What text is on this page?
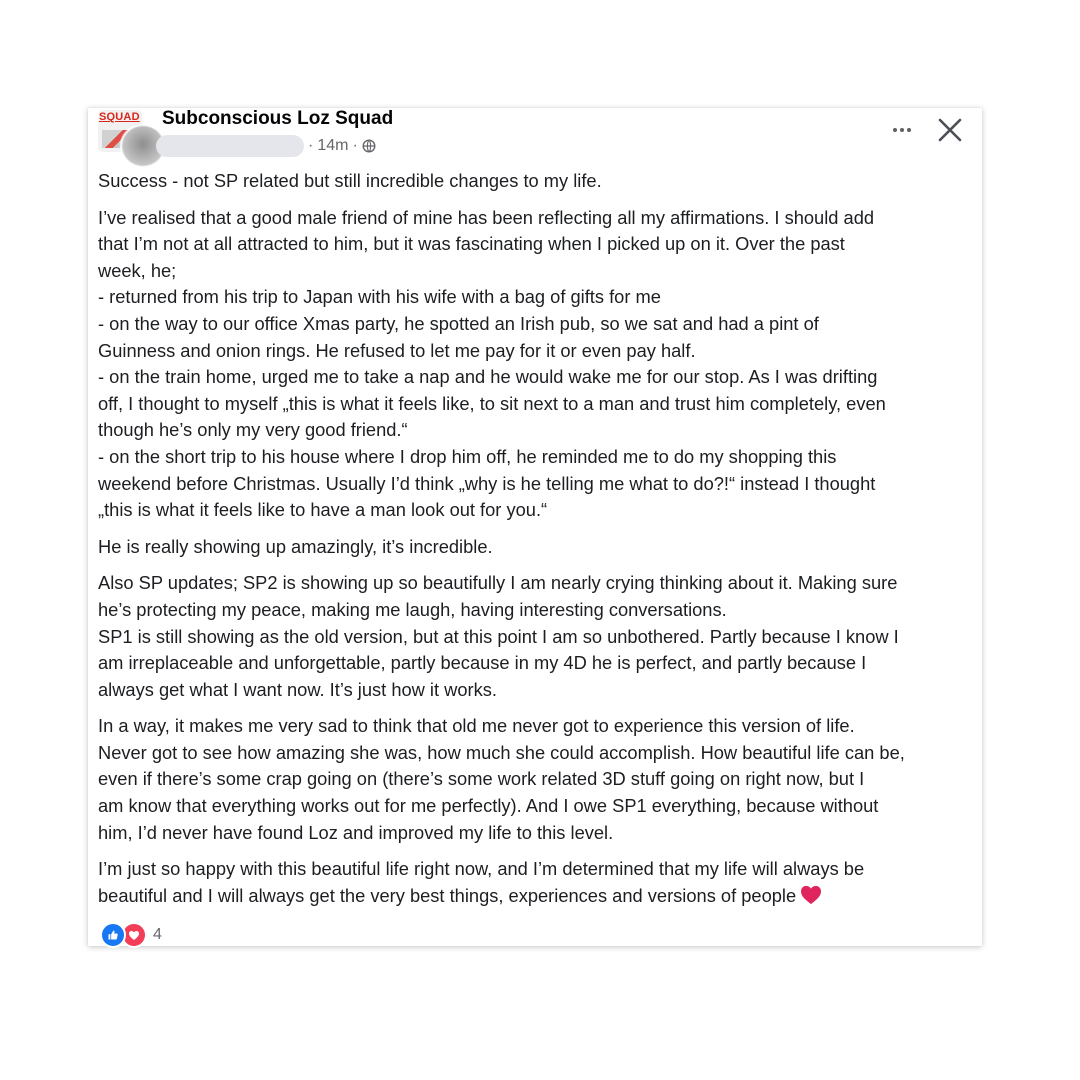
SQUAD Subconscious Loz Squad
· 14m ·

Success - not SP related but still incredible changes to my life.

I’ve realised that a good male friend of mine has been reflecting all my affirmations. I should add
that I’m not at all attracted to him, but it was fascinating when I picked up on it. Over the past
week, he;
- returned from his trip to Japan with his wife with a bag of gifts for me
- on the way to our office Xmas party, he spotted an Irish pub, so we sat and had a pint of
Guinness and onion rings. He refused to let me pay for it or even pay half.
- on the train home, urged me to take a nap and he would wake me for our stop. As I was drifting
off, I thought to myself „this is what it feels like, to sit next to a man and trust him completely, even
though he’s only my very good friend.“
- on the short trip to his house where I drop him off, he reminded me to do my shopping this
weekend before Christmas. Usually I’d think „why is he telling me what to do?!“ instead I thought
„this is what it feels like to have a man look out for you.“

He is really showing up amazingly, it’s incredible.

Also SP updates; SP2 is showing up so beautifully I am nearly crying thinking about it. Making sure
he’s protecting my peace, making me laugh, having interesting conversations.
SP1 is still showing as the old version, but at this point I am so unbothered. Partly because I know I
am irreplaceable and unforgettable, partly because in my 4D he is perfect, and partly because I
always get what I want now. It’s just how it works.

In a way, it makes me very sad to think that old me never got to experience this version of life.
Never got to see how amazing she was, how much she could accomplish. How beautiful life can be,
even if there’s some crap going on (there’s some work related 3D stuff going on right now, but I
am know that everything works out for me perfectly). And I owe SP1 everything, because without
him, I’d never have found Loz and improved my life to this level.

I’m just so happy with this beautiful life right now, and I’m determined that my life will always be
beautiful and I will always get the very best things, experiences and versions of people

4
